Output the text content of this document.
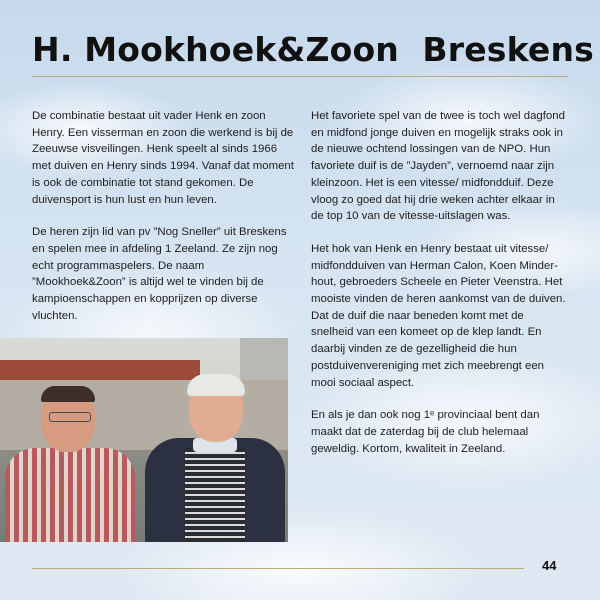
H. Mookhoek&Zoon  Breskens

De combinatie bestaat uit vader Henk en zoon Henry. Een visserman en zoon die werkend is bij de Zeeuwse visveilingen. Henk speelt al sinds 1966 met duiven en Henry sinds 1994. Vanaf dat moment is ook de combinatie tot stand gekomen. De duivensport is hun lust en hun leven.

De heren zijn lid van pv ”Nog Sneller” uit Breskens en spelen mee in afdeling 1 Zeeland. Ze zijn nog echt programmaspelers. De naam ”Mookhoek&Zoon” is altijd wel te vinden bij de kampioenschappen en kopprijzen op diverse vluchten.

Het favoriete spel van de twee is toch wel dagfond en midfond jonge duiven en mogelijk straks ook in de nieuwe ochtend lossingen van de NPO. Hun favoriete duif is de ”Jayden”, vernoemd naar zijn kleinzoon. Het is een vitesse/ midfondduif. Deze vloog zo goed dat hij drie weken achter elkaar in de top 10 van de vitesse-uitslagen was.

Het hok van Henk en Henry bestaat uit vitesse/ midfondduiven van Herman Calon, Koen Minder-hout, gebroeders Scheele en Pieter Veenstra. Het mooiste vinden de heren aankomst van de duiven. Dat de duif die naar beneden komt met de snelheid van een komeet op de klep landt. En daarbij vinden ze de gezelligheid die hun postduivenvereniging met zich meebrengt een mooi sociaal aspect.

En als je dan ook nog 1ᵉ provinciaal bent dan maakt dat de zaterdag bij de club helemaal geweldig. Kortom, kwaliteit in Zeeland.

44
